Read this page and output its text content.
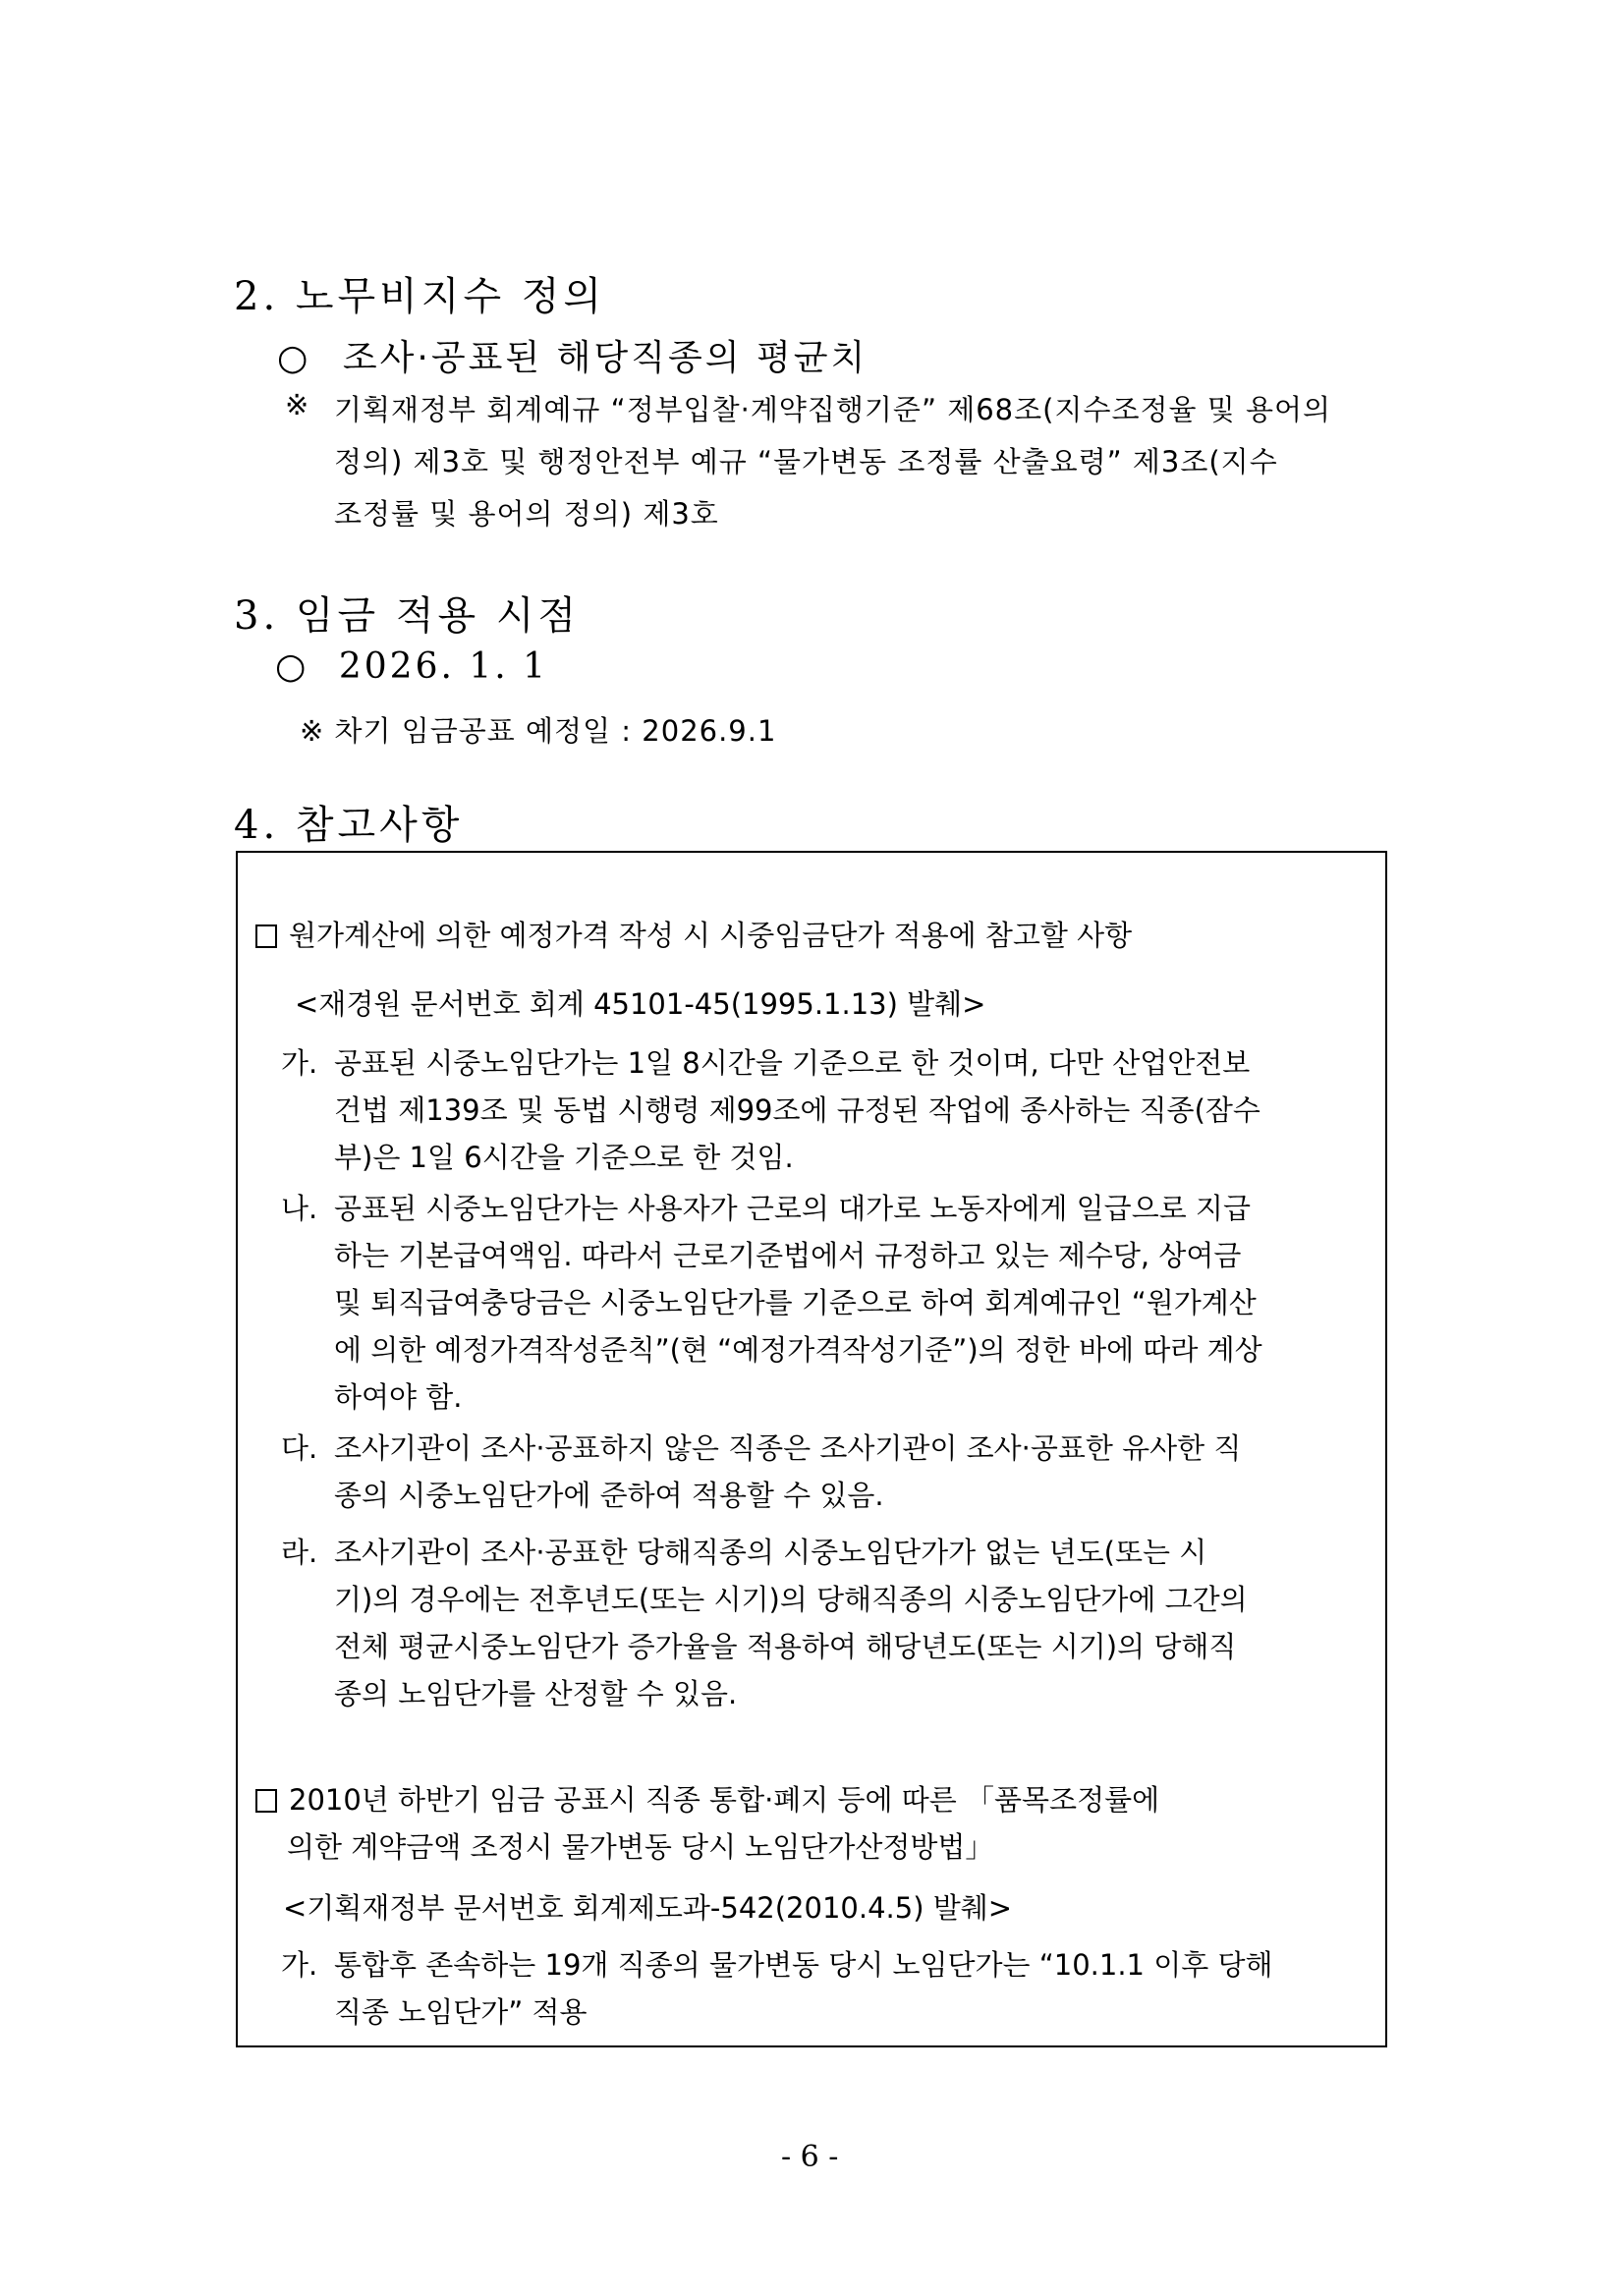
2. 노무비지수 정의
○ 조사·공표된 해당직종의 평균치
※ 기획재정부 회계예규 “정부입찰·계약집행기준” 제68조(지수조정율 및 용어의
정의) 제3호 및 행정안전부 예규 “물가변동 조정률 산출요령” 제3조(지수
조정률 및 용어의 정의) 제3호
3. 임금 적용 시점
○ 2026. 1. 1
※ 차기 임금공표 예정일 : 2026.9.1
4. 참고사항
원가계산에 의한 예정가격 작성 시 시중임금단가 적용에 참고할 사항
<재경원 문서번호 회계 45101-45(1995.1.13) 발췌>
가. 공표된 시중노임단가는 1일 8시간을 기준으로 한 것이며, 다만 산업안전보
건법 제139조 및 동법 시행령 제99조에 규정된 작업에 종사하는 직종(잠수
부)은 1일 6시간을 기준으로 한 것임.
나. 공표된 시중노임단가는 사용자가 근로의 대가로 노동자에게 일급으로 지급
하는 기본급여액임. 따라서 근로기준법에서 규정하고 있는 제수당, 상여금
및 퇴직급여충당금은 시중노임단가를 기준으로 하여 회계예규인 “원가계산
에 의한 예정가격작성준칙”(현 “예정가격작성기준”)의 정한 바에 따라 계상
하여야 함.
다. 조사기관이 조사·공표하지 않은 직종은 조사기관이 조사·공표한 유사한 직
종의 시중노임단가에 준하여 적용할 수 있음.
라. 조사기관이 조사·공표한 당해직종의 시중노임단가가 없는 년도(또는 시
기)의 경우에는 전후년도(또는 시기)의 당해직종의 시중노임단가에 그간의
전체 평균시중노임단가 증가율을 적용하여 해당년도(또는 시기)의 당해직
종의 노임단가를 산정할 수 있음.
2010년 하반기 임금 공표시 직종 통합·폐지 등에 따른 「품목조정률에
의한 계약금액 조정시 물가변동 당시 노임단가산정방법」
<기획재정부 문서번호 회계제도과-542(2010.4.5) 발췌>
가. 통합후 존속하는 19개 직종의 물가변동 당시 노임단가는 “10.1.1 이후 당해
직종 노임단가” 적용
- 6 -
